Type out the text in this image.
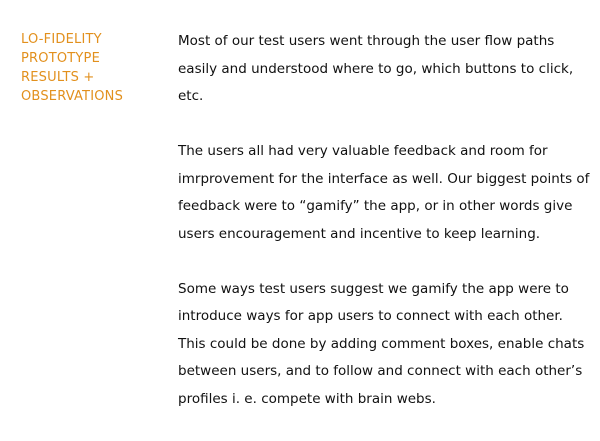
LO-FIDELITY
PROTOTYPE
RESULTS +
OBSERVATIONS

Most of our test users went through the user flow paths
easily and understood where to go, which buttons to click,
etc.

The users all had very valuable feedback and room for
imrprovement for the interface as well. Our biggest points of
feedback were to “gamify” the app, or in other words give
users encouragement and incentive to keep learning.

Some ways test users suggest we gamify the app were to
introduce ways for app users to connect with each other.
This could be done by adding comment boxes, enable chats
between users, and to follow and connect with each other’s
profiles i. e. compete with brain webs.
